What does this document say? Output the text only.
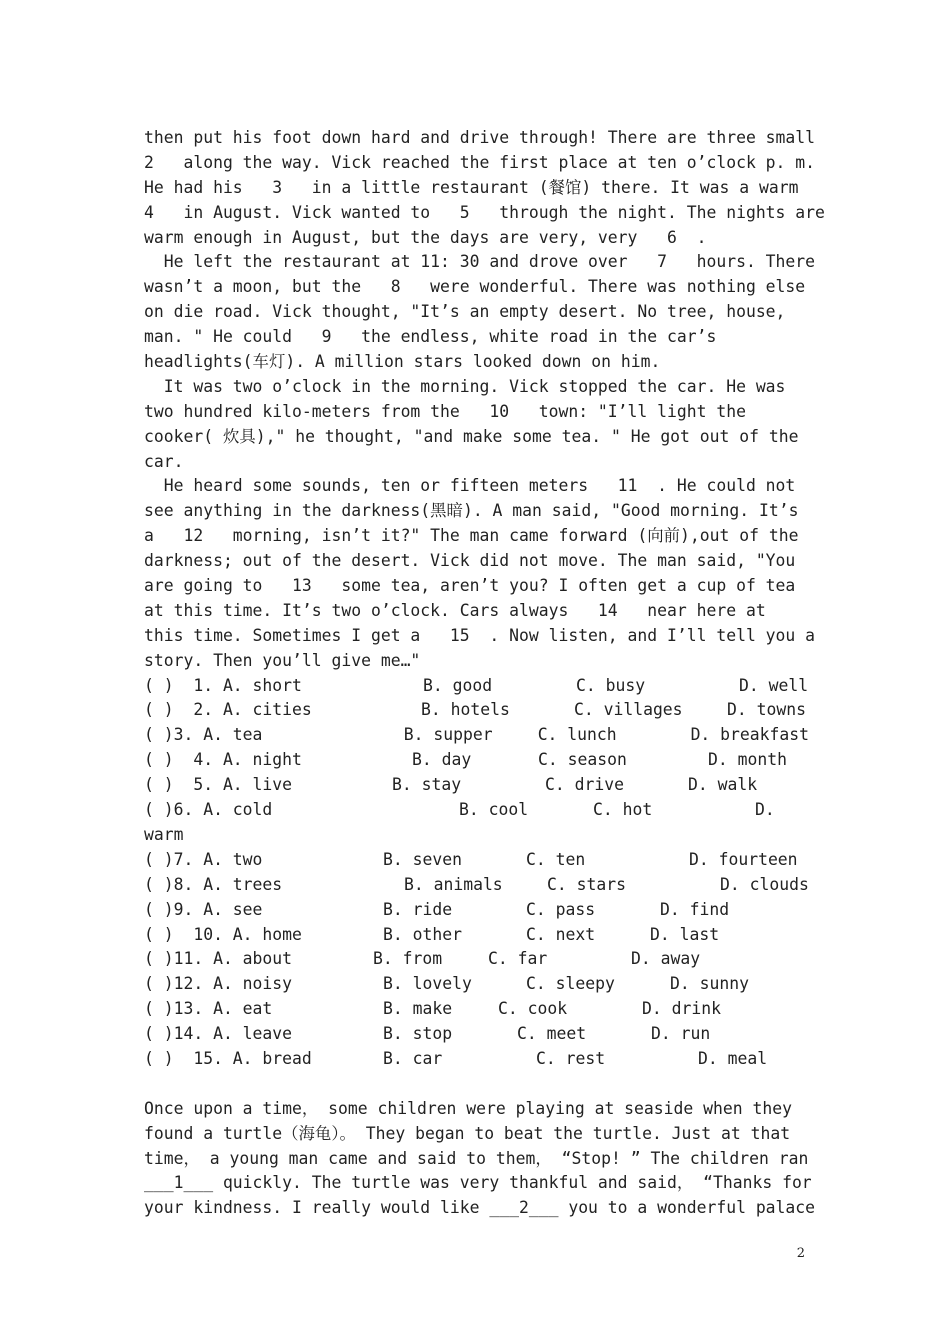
then put his foot down hard and drive through! There are three small
2   along the way. Vick reached the first place at ten o’clock p. m.
He had his   3   in a little restaurant (餐馆) there. It was a warm
4   in August. Vick wanted to   5   through the night. The nights are
warm enough in August, but the days are very, very   6  .
He left the restaurant at 11: 30 and drove over   7   hours. There
wasn’t a moon, but the   8   were wonderful. There was nothing else
on die road. Vick thought, "It’s an empty desert. No tree, house,
man. " He could   9   the endless, white road in the car’s
headlights(车灯). A million stars looked down on him.
It was two o’clock in the morning. Vick stopped the car. He was
two hundred kilo-meters from the   10   town: "I’ll light the
cooker( 炊具)," he thought, "and make some tea. " He got out of the
car.
He heard some sounds, ten or fifteen meters   11  . He could not
see anything in the darkness(黑暗). A man said, "Good morning. It’s
a   12   morning, isn’t it?" The man came forward (向前),out of the
darkness; out of the desert. Vick did not move. The man said, "You
are going to   13   some tea, aren’t you? I often get a cup of tea
at this time. It’s two o’clock. Cars always   14   near here at
this time. Sometimes I get a   15  . Now listen, and I’ll tell you a
story. Then you’ll give me…"
( )  1. A. short	B. good	C. busy	D. well
( )  2. A. cities	B. hotels	C. villages	D. towns
( )3. A. tea	B. supper	C. lunch	D. breakfast
( )  4. A. night	B. day	C. season	D. month
( )  5. A. live	B. stay	C. drive	D. walk
( )6. A. cold	B. cool	C. hot	D.
warm
( )7. A. two	B. seven	C. ten	D. fourteen
( )8. A. trees	B. animals	C. stars	D. clouds
( )9. A. see	B. ride	C. pass	D. find
( )  10. A. home	B. other	C. next	D. last
( )11. A. about	B. from	C. far	D. away
( )12. A. noisy	B. lovely	C. sleepy	D. sunny
( )13. A. eat	B. make	C. cook	D. drink
( )14. A. leave	B. stop	C. meet	D. run
( )  15. A. bread	B. car	C. rest	D. meal
Once upon a time， some children were playing at seaside when they
found a turtle（海龟）。 They began to beat the turtle. Just at that
time， a young man came and said to them， “Stop! ” The children ran
___1___ quickly. The turtle was very thankful and said， “Thanks for
your kindness. I really would like ___2___ you to a wonderful palace
2
